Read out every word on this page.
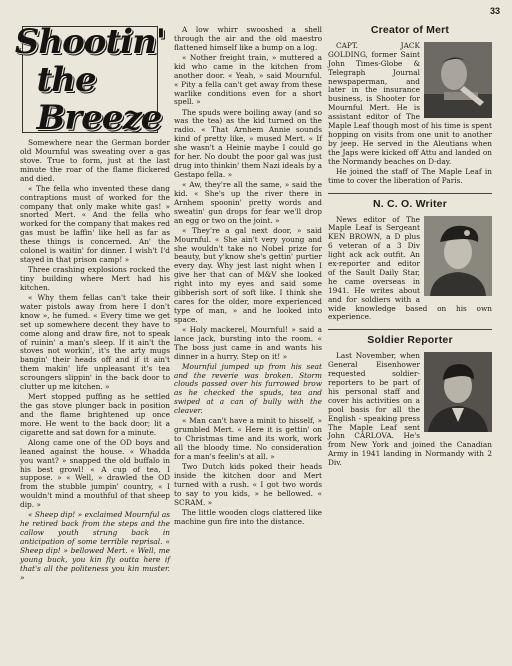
33
Shootin'
the Breeze

Somewhere near the German border old Mournful was sweating over a gas stove. True to form, just at the last minute the roar of the flame flickered and died.

« The fella who invented these dang contraptions must of worked for the company that only make white gas! » snorted Mert. « And the fella who worked for the company that makes red gas must be laffin' like hell as far as these things is concerned. An' the colonel is waitin' for dinner. I wish't I'd stayed in that prison camp! »

Three crashing explosions rocked the tiny building where Mert had his kitchen.

« Why them fellas can't take their water pistols away from here I don't know », he fumed. « Every time we get set up somewhere decent they have to come along and draw fire, not to speak of ruinin' a man's sleep. If it ain't the stoves not workin', it's the arty mugs bangin' their heads off and if it ain't them makin' life unpleasant it's tea scroungers slippin' in the back door to clutter up me kitchen. »

Mert stopped puffing as he settled the gas stove plunger back in position and the flame brightened up once more. He went to the back door; lit a cigarette and sat down for a minute.

Along came one of the OD boys and leaned against the house. « Whadda you want? » snapped the old buffalo in his best growl! « A cup of tea, I suppose. » « Well, » drawled the OD from the stubble jumpin' country, « I wouldn't mind a mouthful of that sheep dip. »

« Sheep dip! » exclaimed Mournful as he retired back from the steps and the callow youth strung back in anticipation of some terrible reprisal. « Sheep dip! » bellowed Mert. « Well, me young buck, you kin fly outta here if that's all the politeness you kin muster. »

A low whirr swooshed a shell through the air and the old maestro flattened himself like a bump on a log.

« Nother freight train, » muttered a kid who came in the kitchen from another door. « Yeah, » said Mournful. « Pity a fella can't get away from these warlike conditions even for a short spell. »

The spuds were boiling away (and so was the tea) as the kid turned on the radio. « That Arnhem Annie sounds kind of pretty like, » mused Mert. « If she wasn't a Heinie maybe I could go for her. No doubt the poor gal was just drug into thinkin' them Nazi ideals by a Gestapo fella. »

« Aw, they're all the same, » said the kid. « She's up the river there in Arnhem spoonin' pretty words and sweatin' gun drops for fear we'll drop an egg or two on the joint. »

« They're a gal next door, » said Mournful. « She ain't very young and she wouldn't take no Nobel prize for beauty, but y'know she's gettin' purtier every day. Why jest last night when I give her that can of M&V she looked right into my eyes and said some gibberish sort of soft like. I think she cares for the older, more experienced type of man, » and he looked into space.

« Holy mackerel, Mournful! » said a lance jack, bursting into the room. « The boss just came in and wants his dinner in a hurry. Step on it! »

Mournful jumped up from his seat and the reverie was broken. Storm clouds passed over his furrowed brow as he checked the spuds, tea and swiped at a can of bully with the cleaver.

« Man can't have a minit to hisself, » grumbled Mert. « Here it is gettin' on to Christmas time and its work, work all the bloody time. No consideration for a man's feelin's at all. »

Two Dutch kids poked their heads inside the kitchen door and Mert turned with a rush. « I got two words to say to you kids, » he bellowed. « SCRAM. »

The little wooden clogs clattered like machine gun fire into the distance.

Creator of Mert

CAPT. JACK GOLDING, former Saint John Times-Globe & Telegraph Journal newspaperman, and later in the insurance business, is Shooter for Mournful Mert. He is assistant editor of The Maple Leaf though most of his time is spent hopping on visits from one unit to another by jeep. He served in the Aleutians when the Japs were kicked off Attu and landed on the Normandy beaches on D-day.

He joined the staff of The Maple Leaf in time to cover the liberation of Paris.

N. C. O. Writer

News editor of The Maple Leaf is Sergeant KEN BROWN, a D plus 6 veteran of a 3 Div light ack ack outfit. An ex-reporter and editor of the Sault Daily Star, he came overseas in 1941. He writes about and for soldiers with a wide knowledge based on his own experience.

Soldier Reporter

Last November, when General Eisenhower requested soldier-reporters to be part of his personal staff and cover his activities on a pool basis for all the English - speaking press The Maple Leaf sent John CARLOVA. He's from New York and joined the Canadian Army in 1941 landing in Normandy with 2 Div.
